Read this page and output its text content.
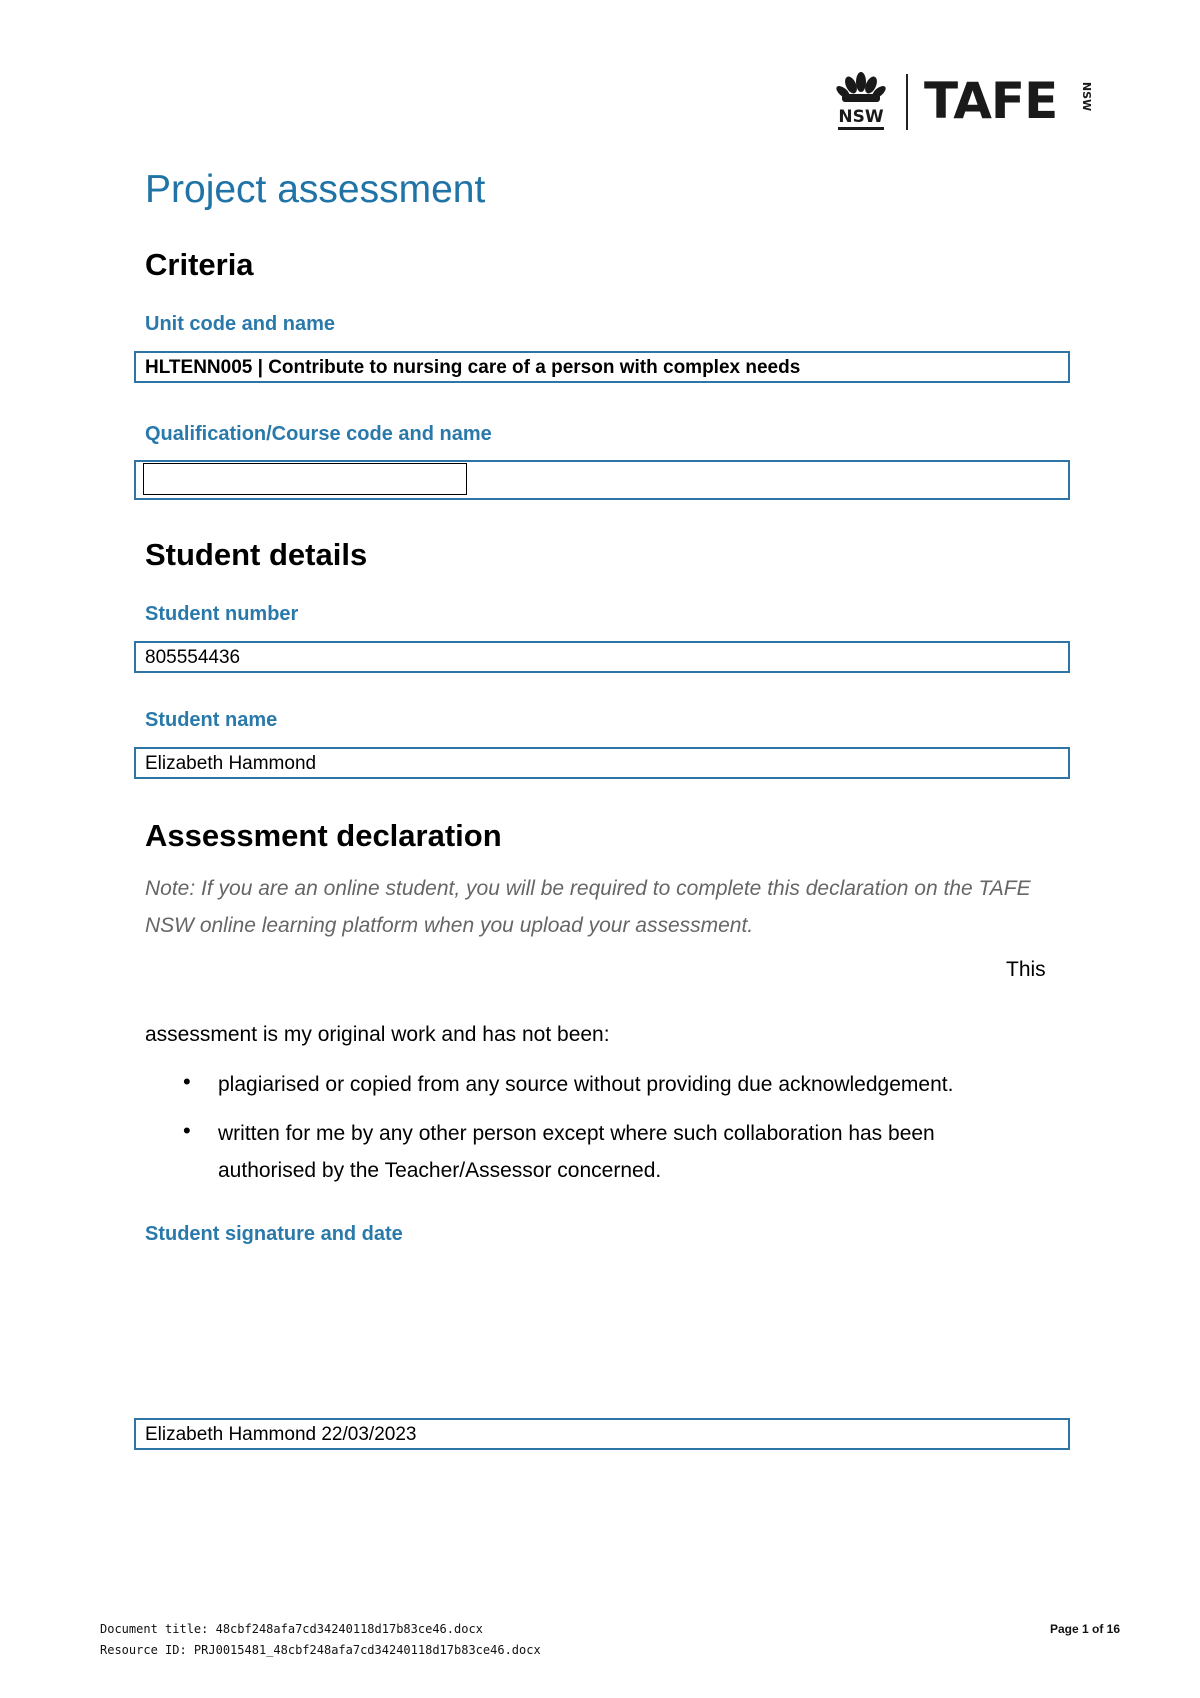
NSW TAFE NSW
Project assessment
Criteria
Unit code and name
HLTENN005 | Contribute to nursing care of a person with complex needs
Qualification/Course code and name
Student details
Student number
805554436
Student name
Elizabeth Hammond
Assessment declaration
Note: If you are an online student, you will be required to complete this declaration on the TAFE NSW online learning platform when you upload your assessment.
This
assessment is my original work and has not been:
• plagiarised or copied from any source without providing due acknowledgement.
• written for me by any other person except where such collaboration has been authorised by the Teacher/Assessor concerned.
Student signature and date
Elizabeth Hammond 22/03/2023
Document title: 48cbf248afa7cd34240118d17b83ce46.docx
Resource ID: PRJ0015481_48cbf248afa7cd34240118d17b83ce46.docx
Page 1 of 16
